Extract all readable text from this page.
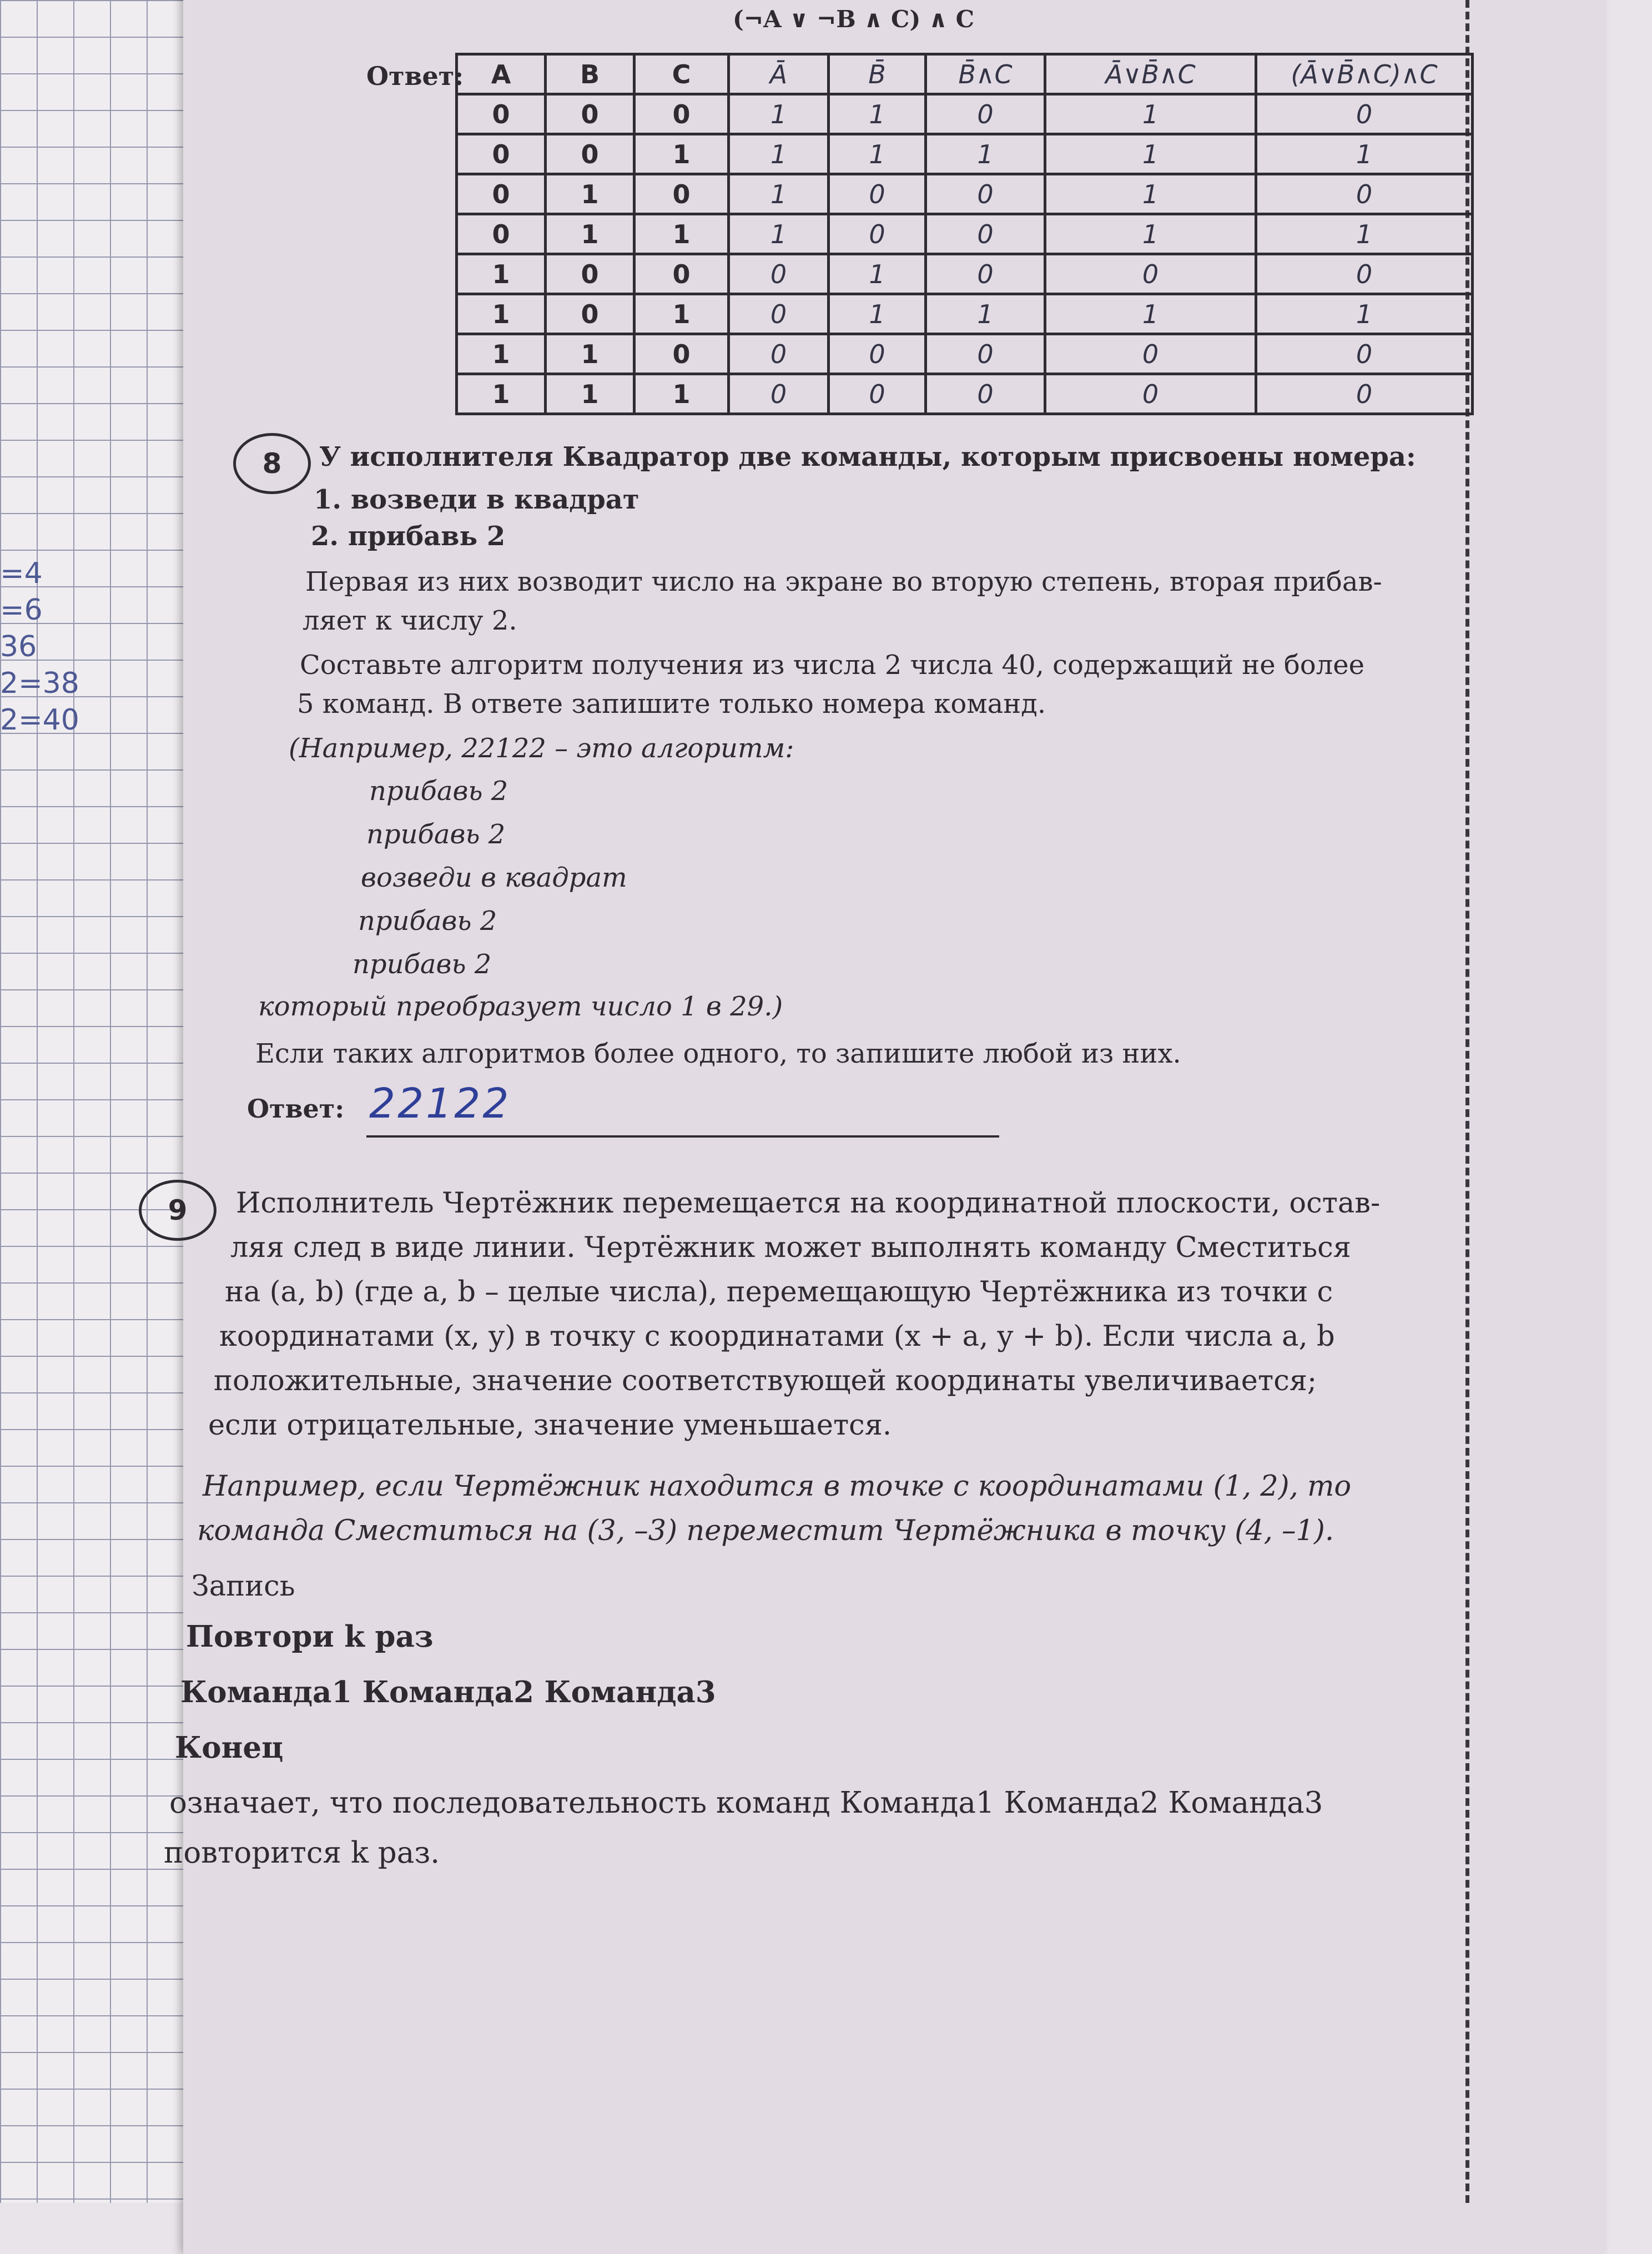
=4
=6
36
2=38
2=40
(¬A ∨ ¬B ∧ C) ∧ C
Ответ: A	B	C	Ā	B̄	B̄∧C	Ā∨B̄∧C	(Ā∨B̄∧C)∧C
0	0	0	1	1	0	1	0
0	0	1	1	1	1	1	1
0	1	0	1	0	0	1	0
0	1	1	1	0	0	1	1
1	0	0	0	1	0	0	0
1	0	1	0	1	1	1	1
1	1	0	0	0	0	0	0
1	1	1	0	0	0	0	0
8	У исполнителя Квадратор две команды, которым присвоены номера:
1. возведи в квадрат
2. прибавь 2
Первая из них возводит число на экране во вторую степень, вторая прибав-
ляет к числу 2.
Составьте алгоритм получения из числа 2 числа 40, содержащий не более
5 команд. В ответе запишите только номера команд.
(Например, 22122 – это алгоритм:
прибавь 2
прибавь 2
возведи в квадрат
прибавь 2
прибавь 2
который преобразует число 1 в 29.)
Если таких алгоритмов более одного, то запишите любой из них.
Ответ: 22122
9	Исполнитель Чертёжник перемещается на координатной плоскости, остав-
ляя след в виде линии. Чертёжник может выполнять команду Сместиться
на (a, b) (где a, b – целые числа), перемещающую Чертёжника из точки с
координатами (x, y) в точку с координатами (x + a, y + b). Если числа a, b
положительные, значение соответствующей координаты увеличивается;
если отрицательные, значение уменьшается.
Например, если Чертёжник находится в точке с координатами (1, 2), то
команда Сместиться на (3, –3) переместит Чертёжника в точку (4, –1).
Запись
Повтори k раз
Команда1 Команда2 Команда3
Конец
означает, что последовательность команд Команда1 Команда2 Команда3
повторится k раз.
